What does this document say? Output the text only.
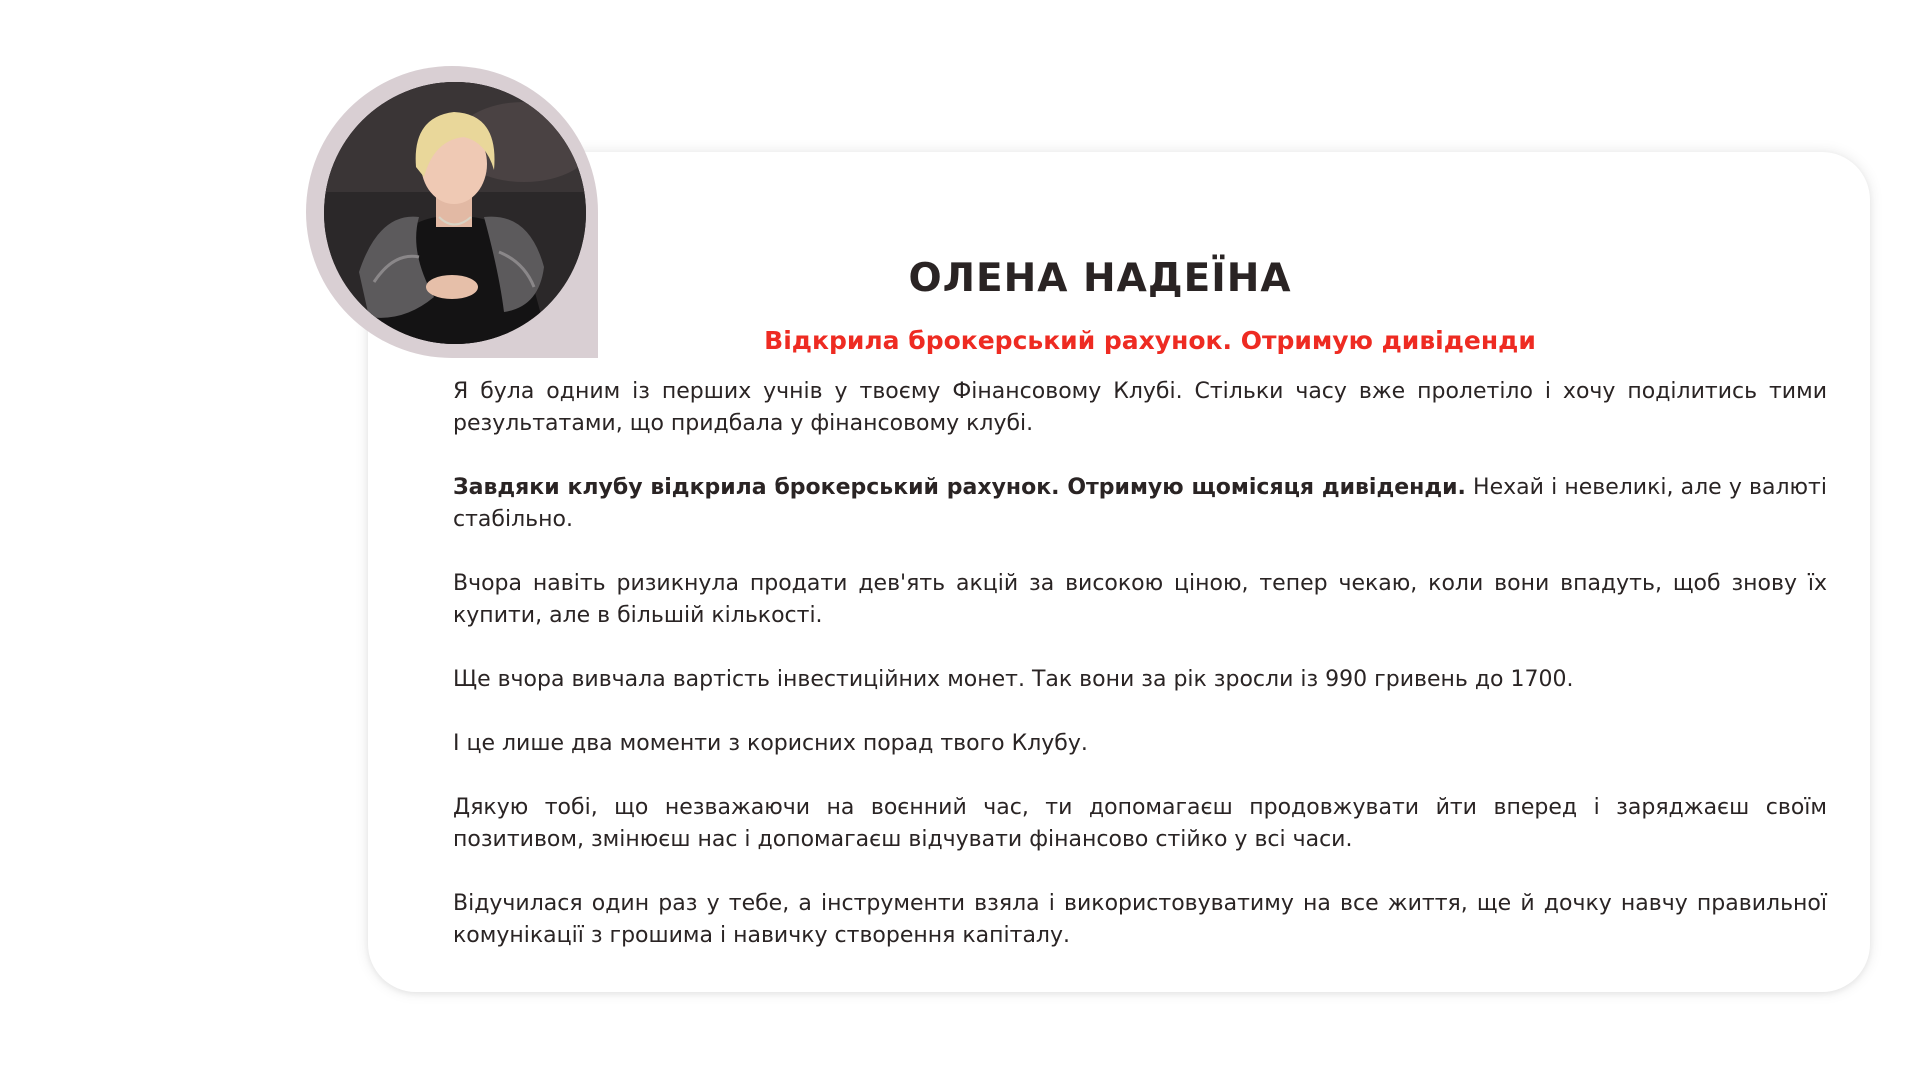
ОЛЕНА НАДЕЇНА
Відкрила брокерський рахунок. Отримую дивіденди

Я була одним із перших учнів у твоєму Фінансовому Клубі. Стільки часу вже пролетіло і хочу поділитись тими результатами, що придбала у фінансовому клубі.

Завдяки клубу відкрила брокерський рахунок. Отримую щомісяця дивіденди. Нехай і невеликі, але у валюті стабільно.

Вчора навіть ризикнула продати дев'ять акцій за високою ціною, тепер чекаю, коли вони впадуть, щоб знову їх купити, але в більшій кількості.

Ще вчора вивчала вартість інвестиційних монет. Так вони за рік зросли із 990 гривень до 1700.

І це лише два моменти з корисних порад твого Клубу.

Дякую тобі, що незважаючи на воєнний час, ти допомагаєш продовжувати йти вперед і заряджаєш своїм позитивом, змінюєш нас і допомагаєш відчувати фінансово стійко у всі часи.

Відучилася один раз у тебе, а інструменти взяла і використовуватиму на все життя, ще й дочку навчу правильної комунікації з грошима і навичку створення капіталу.
